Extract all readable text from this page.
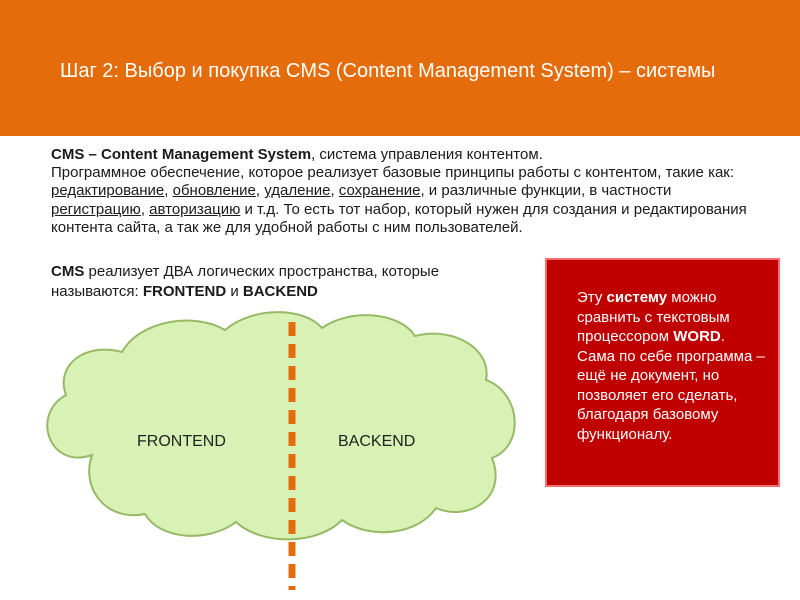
Шаг 2: Выбор и покупка CMS (Content Management System) – системы
CMS – Content Management System, система управления контентом.
Программное обеспечение, которое реализует базовые принципы работы с контентом, такие как: редактирование, обновление, удаление, сохранение, и различные функции, в частности регистрацию, авторизацию и т.д. То есть тот набор, который нужен для создания и редактирования контента сайта, а так же для удобной работы с ним пользователей.
CMS реализует ДВА логических пространства, которые называются: FRONTEND и BACKEND
FRONTEND	BACKEND
Эту систему можно сравнить с текстовым процессором WORD. Сама по себе программа – ещё не документ, но позволяет его сделать, благодаря базовому функционалу.
